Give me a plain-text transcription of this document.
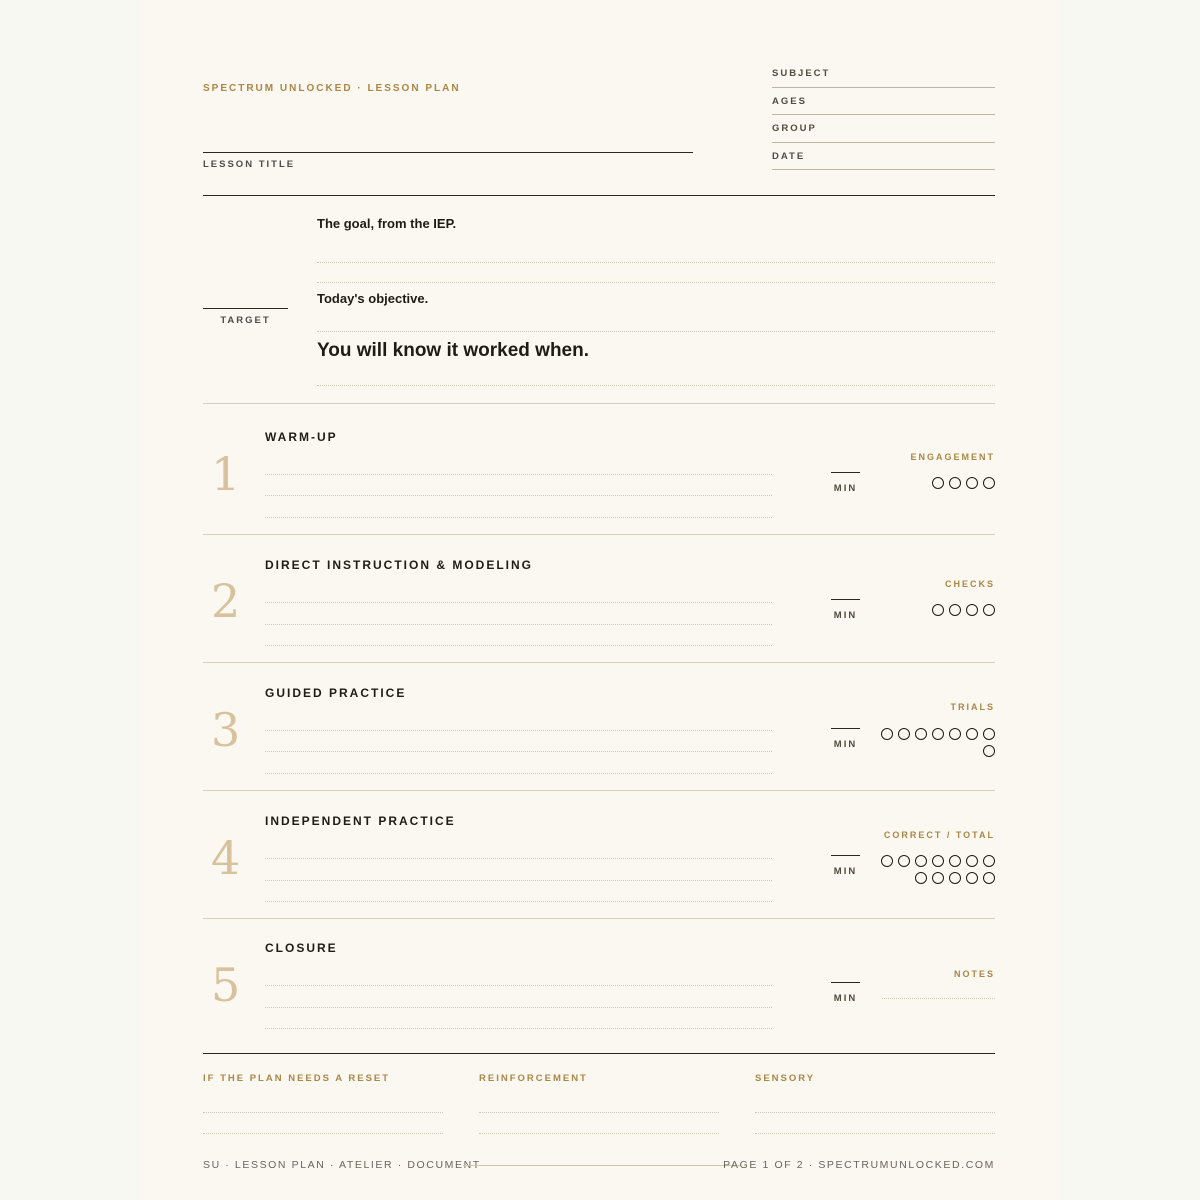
SPECTRUM UNLOCKED · LESSON PLAN
LESSON TITLE
SUBJECT
AGES
GROUP
DATE
TARGET
The goal, from the IEP.
Today's objective.
You will know it worked when.
1
WARM-UP
MIN
ENGAGEMENT
2
DIRECT INSTRUCTION & MODELING
MIN
CHECKS
3
GUIDED PRACTICE
MIN
TRIALS
4
INDEPENDENT PRACTICE
MIN
CORRECT / TOTAL
5
CLOSURE
MIN
NOTES
IF THE PLAN NEEDS A RESET	REINFORCEMENT	SENSORY
SU · LESSON PLAN · ATELIER · DOCUMENT	PAGE 1 OF 2 · SPECTRUMUNLOCKED.COM
